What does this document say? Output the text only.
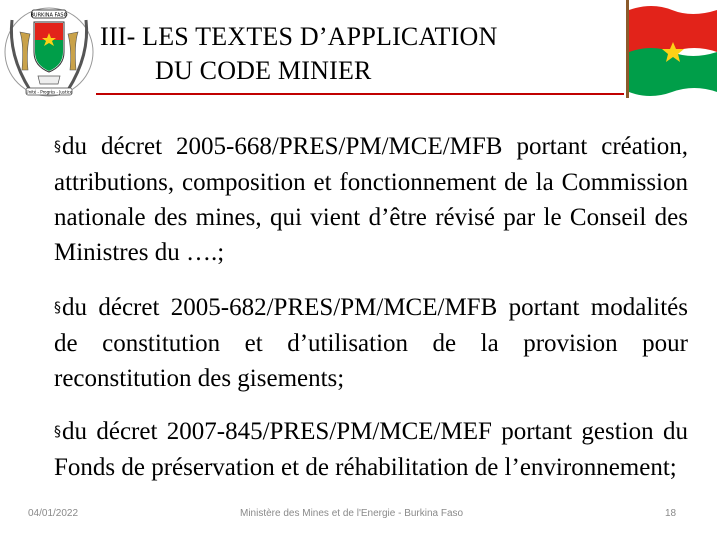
BURKINA FASO
Unité - Progrès - Justice
III- LES TEXTES D’APPLICATION
DU CODE MINIER
§du décret 2005-668/PRES/PM/MCE/MFB portant création, attributions, composition et fonctionnement de la Commission nationale des mines, qui vient d’être révisé par le Conseil des Ministres du ….;
§du décret 2005-682/PRES/PM/MCE/MFB portant modalités de constitution et d’utilisation de la provision pour reconstitution des gisements;
§du décret 2007-845/PRES/PM/MCE/MEF portant gestion du Fonds de préservation et de réhabilitation de l’environnement;
04/01/2022	Ministère des Mines et de l'Energie - Burkina Faso	18
